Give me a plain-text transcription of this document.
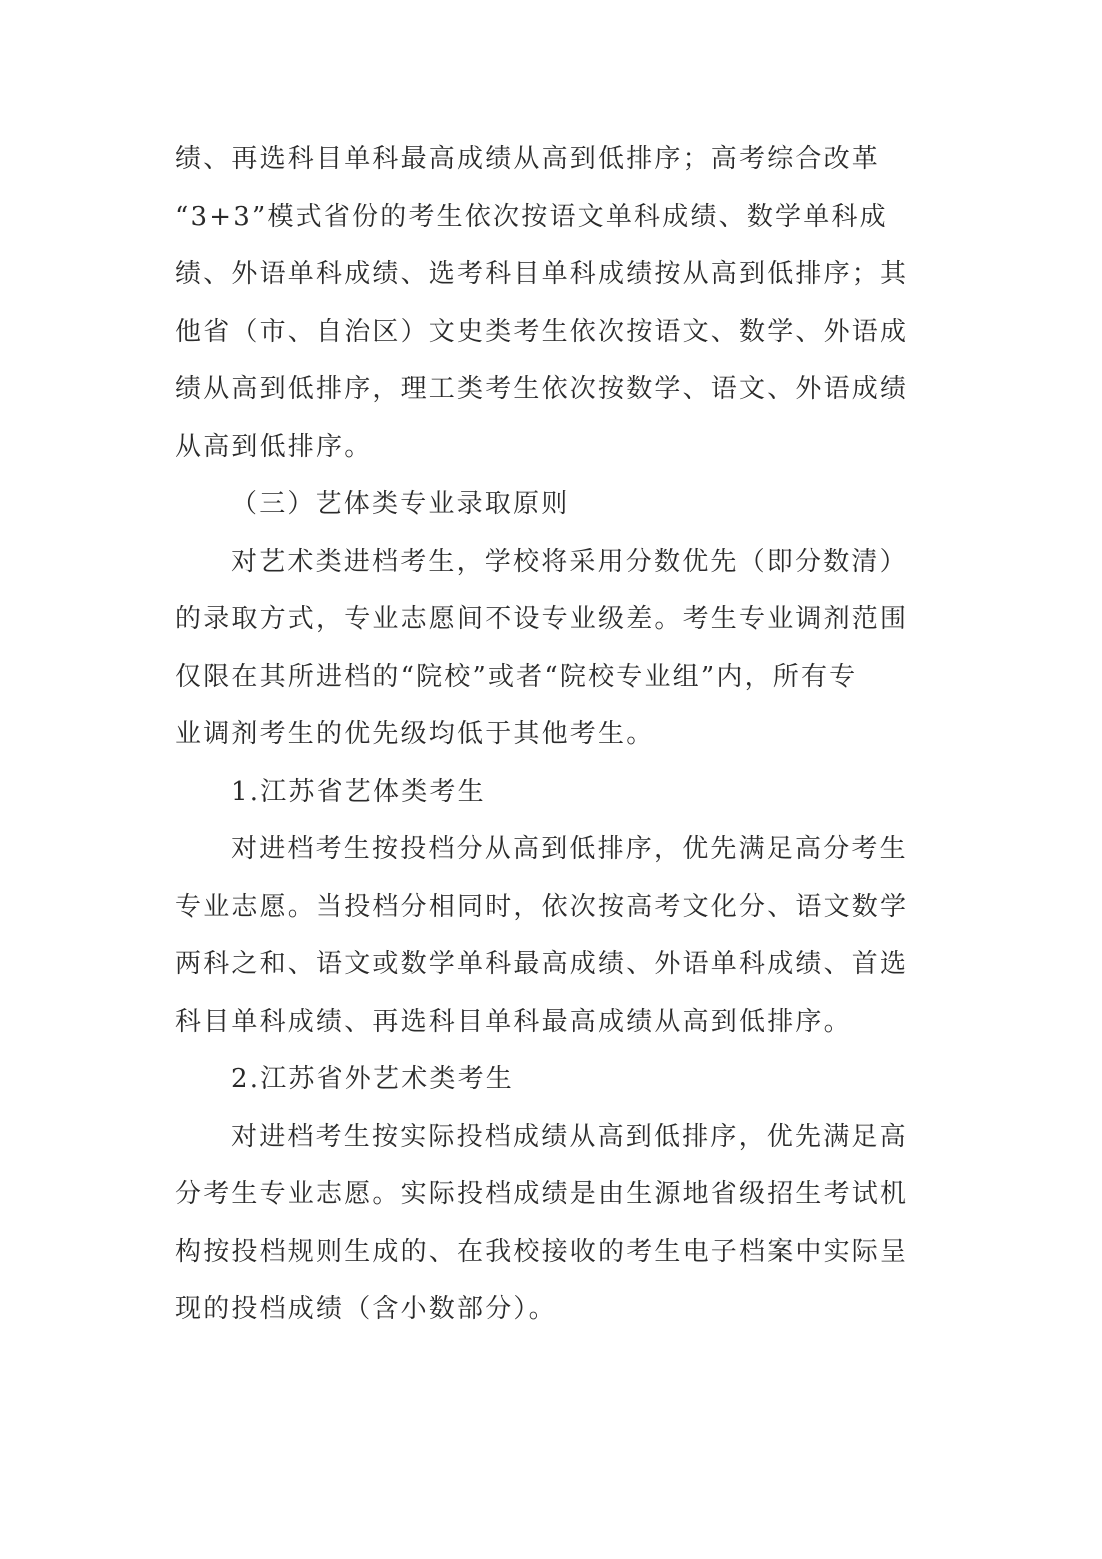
绩、再选科目单科最高成绩从高到低排序；高考综合改革
“3+3”模式省份的考生依次按语文单科成绩、数学单科成
绩、外语单科成绩、选考科目单科成绩按从高到低排序；其
他省（市、自治区）文史类考生依次按语文、数学、外语成
绩从高到低排序，理工类考生依次按数学、语文、外语成绩
从高到低排序。
（三）艺体类专业录取原则
对艺术类进档考生，学校将采用分数优先（即分数清）
的录取方式，专业志愿间不设专业级差。考生专业调剂范围
仅限在其所进档的“院校”或者“院校专业组”内，所有专
业调剂考生的优先级均低于其他考生。
1.江苏省艺体类考生
对进档考生按投档分从高到低排序，优先满足高分考生
专业志愿。当投档分相同时，依次按高考文化分、语文数学
两科之和、语文或数学单科最高成绩、外语单科成绩、首选
科目单科成绩、再选科目单科最高成绩从高到低排序。
2.江苏省外艺术类考生
对进档考生按实际投档成绩从高到低排序，优先满足高
分考生专业志愿。实际投档成绩是由生源地省级招生考试机
构按投档规则生成的、在我校接收的考生电子档案中实际呈
现的投档成绩（含小数部分）。
